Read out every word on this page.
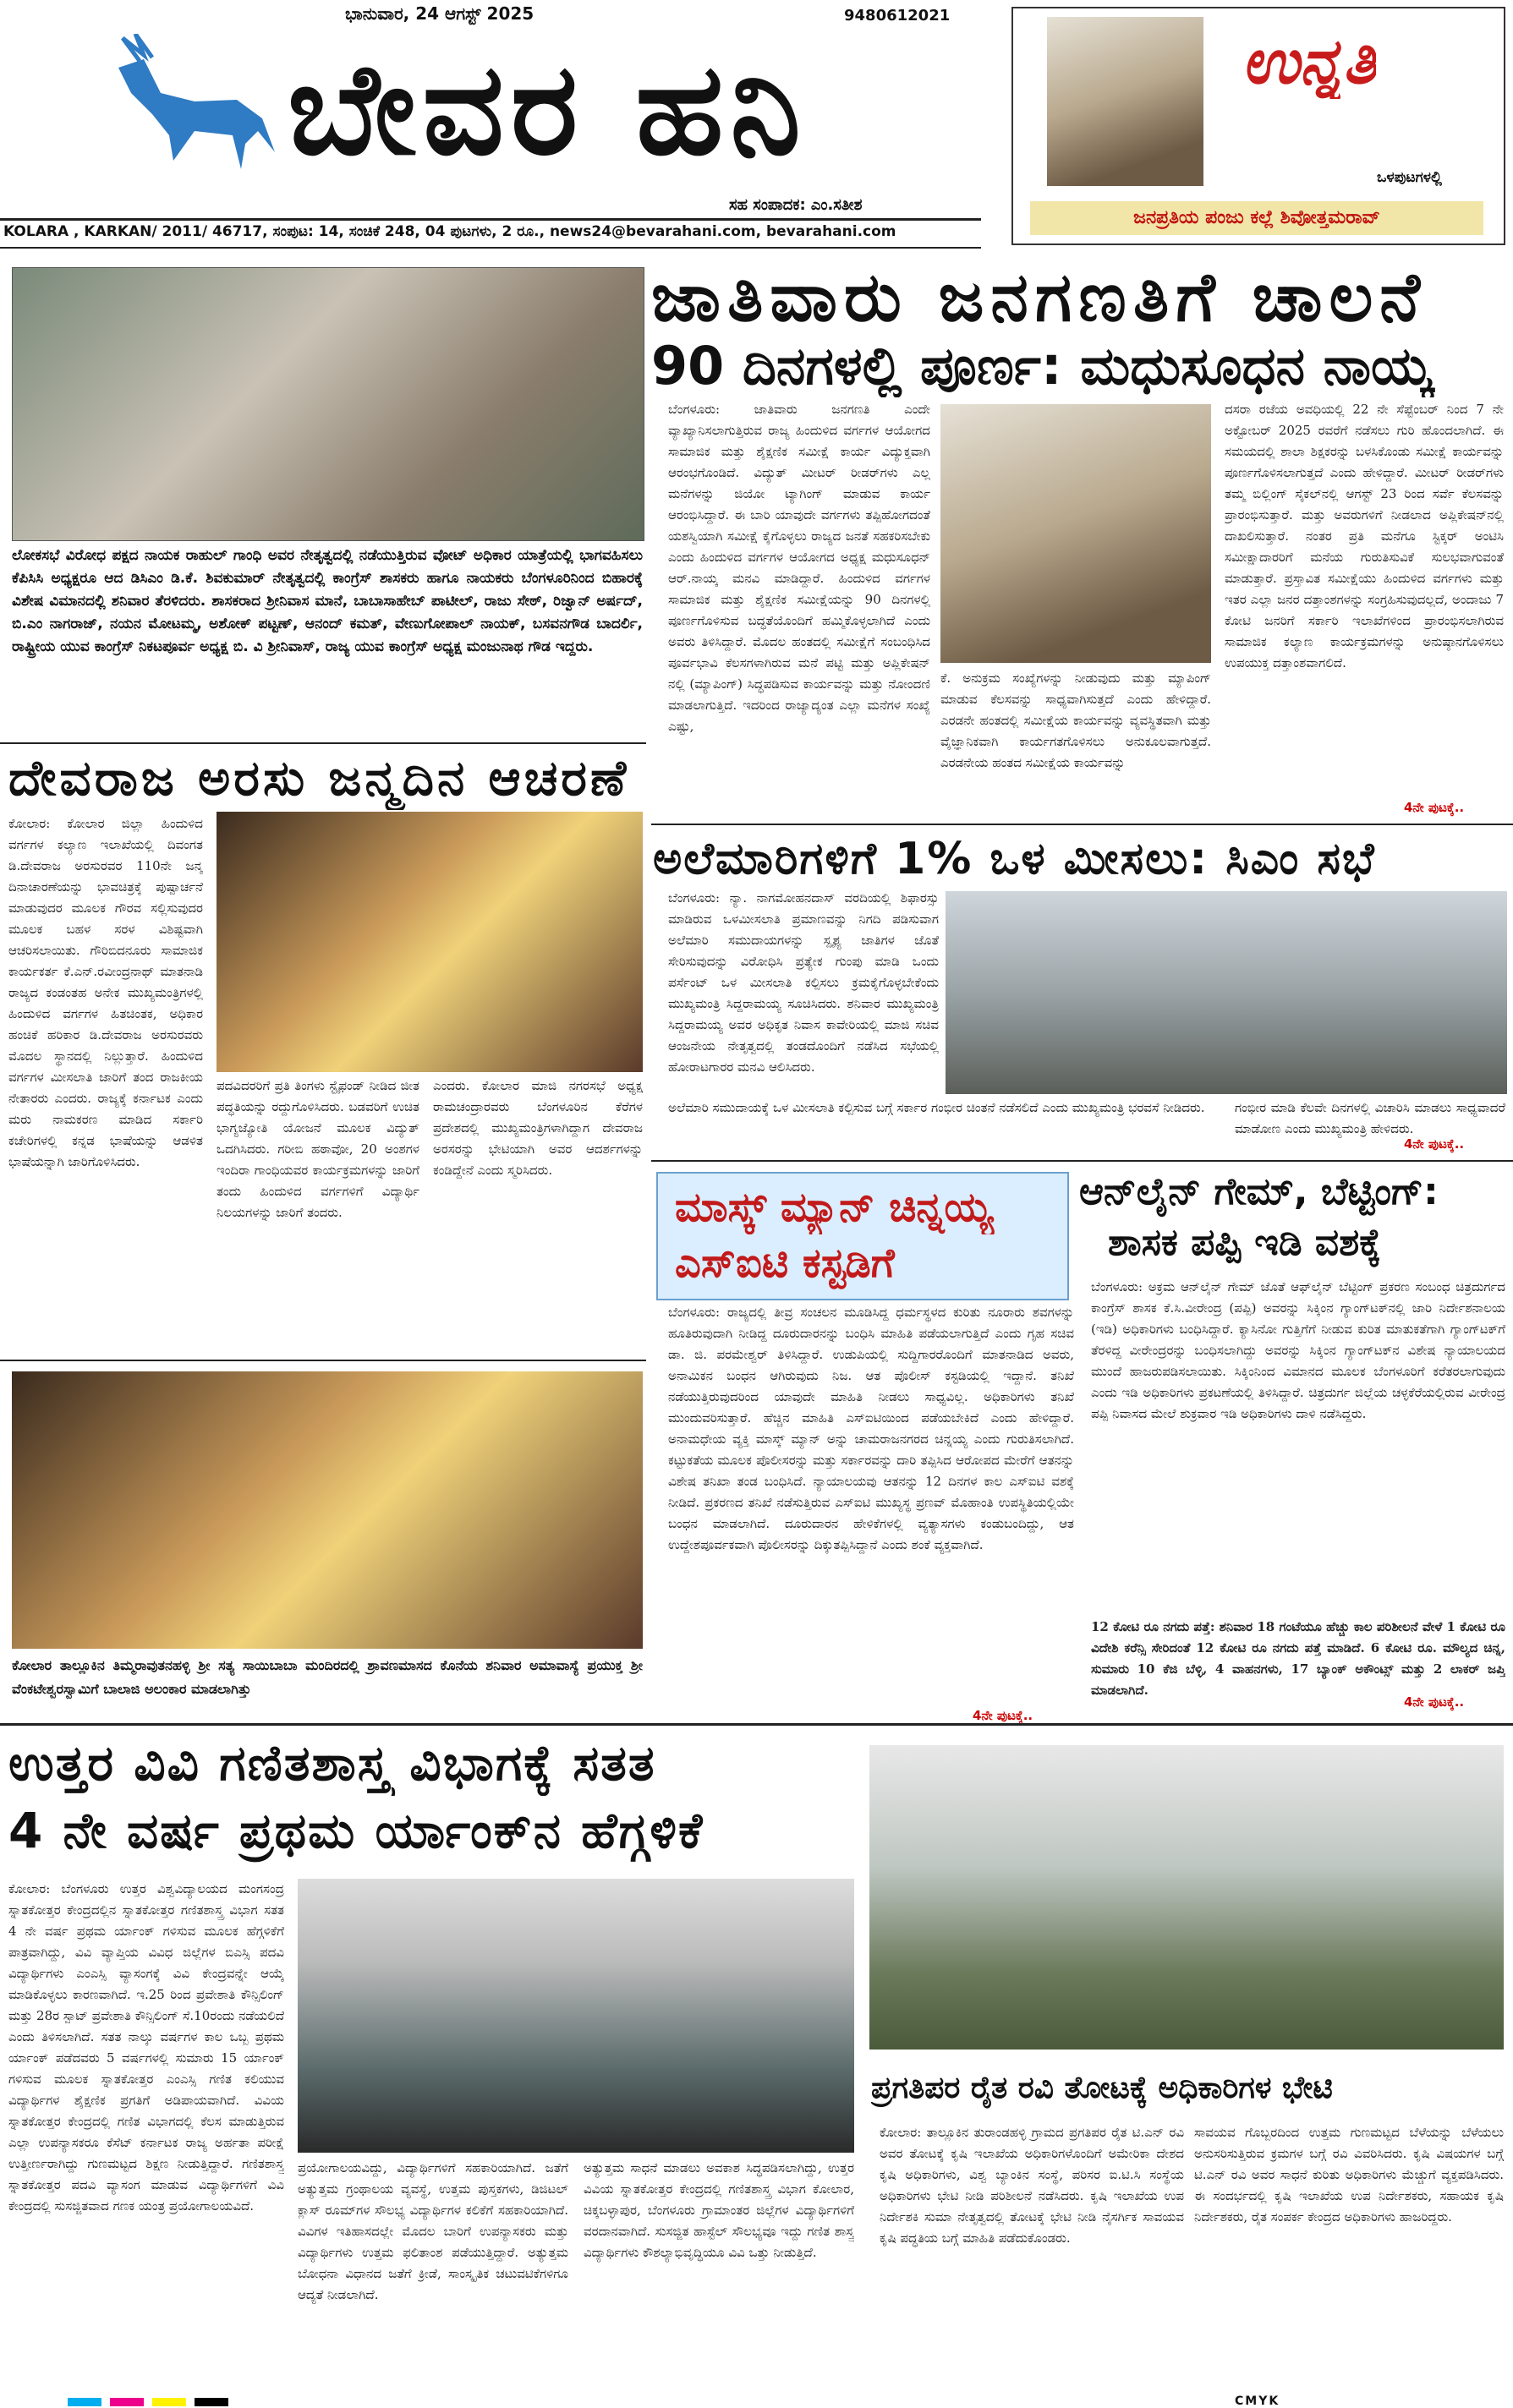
ಭಾನುವಾರ, 24 ಆಗಸ್ಟ್ 2025	9480612021
ಬೇವರ ಹನಿ
ಸಹ ಸಂಪಾದಕ: ಎಂ.ಸತೀಶ
KOLARA , KARKAN/ 2011/ 46717, ಸಂಪುಟ: 14, ಸಂಚಿಕೆ 248, 04 ಪುಟಗಳು, 2 ರೂ., news24@bevarahani.com, bevarahani.com
ಉನ್ನತಿ
ಒಳಪುಟಗಳಲ್ಲಿ
ಜನಪ್ರತಿಯ ಪಂಜು ಕಲ್ಲೆ ಶಿವೋತ್ತಮರಾವ್
ಲೋಕಸಭೆ ವಿರೋಧ ಪಕ್ಷದ ನಾಯಕ ರಾಹುಲ್ ಗಾಂಧಿ ಅವರ ನೇತೃತ್ವದಲ್ಲಿ ನಡೆಯುತ್ತಿರುವ ವೋಟ್ ಅಧಿಕಾರ ಯಾತ್ರೆಯಲ್ಲಿ ಭಾಗವಹಿಸಲು ಕೆಪಿಸಿಸಿ ಅಧ್ಯಕ್ಷರೂ ಆದ ಡಿಸಿಎಂ ಡಿ.ಕೆ. ಶಿವಕುಮಾರ್ ನೇತೃತ್ವದಲ್ಲಿ ಕಾಂಗ್ರೆಸ್ ಶಾಸಕರು ಹಾಗೂ ನಾಯಕರು ಬೆಂಗಳೂರಿನಿಂದ ಬಿಹಾರಕ್ಕೆ ವಿಶೇಷ ವಿಮಾನದಲ್ಲಿ ಶನಿವಾರ ತೆರಳಿದರು. ಶಾಸಕರಾದ ಶ್ರೀನಿವಾಸ ಮಾನೆ, ಬಾಬಾಸಾಹೇಬ್ ಪಾಟೀಲ್, ರಾಜು ಸೇಠ್, ರಿಜ್ವಾನ್ ಅರ್ಷದ್, ಬಿ.ಎಂ ನಾಗರಾಜ್, ನಯನ ಮೋಟಮ್ಮ, ಅಶೋಕ್ ಪಟ್ಟಣ್, ಆನಂದ್ ಕಮತ್, ವೇಣುಗೋಪಾಲ್ ನಾಯಕ್, ಬಸವನಗೌಡ ಬಾದರ್ಲಿ, ರಾಷ್ಟ್ರೀಯ ಯುವ ಕಾಂಗ್ರೆಸ್ ನಿಕಟಪೂರ್ವ ಅಧ್ಯಕ್ಷ ಬಿ. ವಿ ಶ್ರೀನಿವಾಸ್, ರಾಜ್ಯ ಯುವ ಕಾಂಗ್ರೆಸ್ ಅಧ್ಯಕ್ಷ ಮಂಜುನಾಥ ಗೌಡ ಇದ್ದರು.
ಜಾತಿವಾರು ಜನಗಣತಿಗೆ ಚಾಲನೆ
90 ದಿನಗಳಲ್ಲಿ ಪೂರ್ಣ: ಮಧುಸೂಧನ ನಾಯ್ಕ
ಬೆಂಗಳೂರು: ಜಾತಿವಾರು ಜನಗಣತಿ ಎಂದೇ ವ್ಯಾಖ್ಯಾನಿಸಲಾಗುತ್ತಿರುವ ರಾಜ್ಯ ಹಿಂದುಳಿದ ವರ್ಗಗಳ ಆಯೋಗದ ಸಾಮಾಜಿಕ ಮತ್ತು ಶೈಕ್ಷಣಿಕ ಸಮೀಕ್ಷೆ ಕಾರ್ಯ ವಿದ್ಯುಕ್ತವಾಗಿ ಆರಂಭಗೊಂಡಿದೆ. ವಿದ್ಯುತ್ ಮೀಟರ್ ರೀಡರ್‌ಗಳು ಎಲ್ಲ ಮನೆಗಳನ್ನು ಜಿಯೋ ಟ್ಯಾಗಿಂಗ್ ಮಾಡುವ ಕಾರ್ಯ ಆರಂಭಿಸಿದ್ದಾರೆ. ಈ ಬಾರಿ ಯಾವುದೇ ವರ್ಗಗಳು ತಪ್ಪಿಹೋಗದಂತೆ ಯಶಸ್ವಿಯಾಗಿ ಸಮೀಕ್ಷೆ ಕೈಗೊಳ್ಳಲು ರಾಜ್ಯದ ಜನತೆ ಸಹಕರಿಸಬೇಕು ಎಂದು ಹಿಂದುಳಿದ ವರ್ಗಗಳ ಆಯೋಗದ ಅಧ್ಯಕ್ಷ ಮಧುಸೂಧನ್ ಆರ್.ನಾಯ್ಕ ಮನವಿ ಮಾಡಿದ್ದಾರೆ. ಹಿಂದುಳಿದ ವರ್ಗಗಳ ಸಾಮಾಜಿಕ ಮತ್ತು ಶೈಕ್ಷಣಿಕ ಸಮೀಕ್ಷೆಯನ್ನು 90 ದಿನಗಳಲ್ಲಿ ಪೂರ್ಣಗೊಳಿಸುವ ಬದ್ಧತೆಯೊಂದಿಗೆ ಹಮ್ಮಿಕೊಳ್ಳಲಾಗಿದೆ ಎಂದು ಅವರು ತಿಳಿಸಿದ್ದಾರೆ. ಮೊದಲ ಹಂತದಲ್ಲಿ ಸಮೀಕ್ಷೆಗೆ ಸಂಬಂಧಿಸಿದ ಪೂರ್ವಭಾವಿ ಕೆಲಸಗಳಾಗಿರುವ ಮನೆ ಪಟ್ಟಿ ಮತ್ತು ಅಪ್ಲಿಕೇಷನ್ ನಲ್ಲಿ (ಮ್ಯಾಪಿಂಗ್) ಸಿದ್ಧಪಡಿಸುವ ಕಾರ್ಯವನ್ನು ಮತ್ತು ನೋಂದಣಿ ಮಾಡಲಾಗುತ್ತಿದೆ. ಇದರಿಂದ ರಾಜ್ಯಾದ್ಯಂತ ಎಲ್ಲಾ ಮನೆಗಳ ಸಂಖ್ಯೆ ಎಷ್ಟು,
ಕೆ. ಅನುಕ್ರಮ ಸಂಖ್ಯೆಗಳನ್ನು ನೀಡುವುದು ಮತ್ತು ಮ್ಯಾಪಿಂಗ್ ಮಾಡುವ ಕೆಲಸವನ್ನು ಸಾಧ್ಯವಾಗಿಸುತ್ತದೆ ಎಂದು ಹೇಳಿದ್ದಾರೆ. ಎರಡನೇ ಹಂತದಲ್ಲಿ ಸಮೀಕ್ಷೆಯ ಕಾರ್ಯವನ್ನು ವ್ಯವಸ್ಥಿತವಾಗಿ ಮತ್ತು ವೈಜ್ಞಾನಿಕವಾಗಿ ಕಾರ್ಯಗತಗೊಳಿಸಲು ಅನುಕೂಲವಾಗುತ್ತದೆ. ಎರಡನೇಯ ಹಂತದ ಸಮೀಕ್ಷೆಯ ಕಾರ್ಯವನ್ನು
ದಸರಾ ರಜೆಯ ಅವಧಿಯಲ್ಲಿ 22 ನೇ ಸೆಪ್ಟೆಂಬರ್ ನಿಂದ 7 ನೇ ಅಕ್ಟೋಬರ್ 2025 ರವರೆಗೆ ನಡೆಸಲು ಗುರಿ ಹೊಂದಲಾಗಿದೆ. ಈ ಸಮಯದಲ್ಲಿ ಶಾಲಾ ಶಿಕ್ಷಕರನ್ನು ಬಳಸಿಕೊಂಡು ಸಮೀಕ್ಷೆ ಕಾರ್ಯವನ್ನು ಪೂರ್ಣಗೊಳಿಸಲಾಗುತ್ತದೆ ಎಂದು ಹೇಳಿದ್ದಾರೆ. ಮೀಟರ್ ರೀಡರ್‌ಗಳು ತಮ್ಮ ಬಿಲ್ಲಿಂಗ್ ಸೈಕಲ್‌ನಲ್ಲಿ ಆಗಸ್ಟ್ 23 ರಿಂದ ಸರ್ವೆ ಕೆಲಸವನ್ನು ಪ್ರಾರಂಭಿಸುತ್ತಾರೆ. ಮತ್ತು ಅವರುಗಳಿಗೆ ನೀಡಲಾದ ಅಪ್ಲಿಕೇಷನ್‌ನಲ್ಲಿ ದಾಖಲಿಸುತ್ತಾರೆ. ನಂತರ ಪ್ರತಿ ಮನೆಗೂ ಸ್ಟಿಕ್ಕರ್ ಅಂಟಿಸಿ ಸಮೀಕ್ಷಾದಾರರಿಗೆ ಮನೆಯ ಗುರುತಿಸುವಿಕೆ ಸುಲಭವಾಗುವಂತೆ ಮಾಡುತ್ತಾರೆ. ಪ್ರಸ್ತಾವಿತ ಸಮೀಕ್ಷೆಯು ಹಿಂದುಳಿದ ವರ್ಗಗಳು ಮತ್ತು ಇತರ ಎಲ್ಲಾ ಜನರ ದತ್ತಾಂಶಗಳನ್ನು ಸಂಗ್ರಹಿಸುವುದಲ್ಲದೆ, ಅಂದಾಜು 7 ಕೋಟಿ ಜನರಿಗೆ ಸರ್ಕಾರಿ ಇಲಾಖೆಗಳಿಂದ ಪ್ರಾರಂಭಿಸಲಾಗಿರುವ ಸಾಮಾಜಿಕ ಕಲ್ಯಾಣ ಕಾರ್ಯಕ್ರಮಗಳನ್ನು ಅನುಷ್ಠಾನಗೊಳಿಸಲು ಉಪಯುಕ್ತ ದತ್ತಾಂಶವಾಗಲಿದೆ.
4ನೇ ಪುಟಕ್ಕೆ..
ದೇವರಾಜ ಅರಸು ಜನ್ಮದಿನ ಆಚರಣೆ
ಕೋಲಾರ: ಕೋಲಾರ ಜಿಲ್ಲಾ ಹಿಂದುಳಿದ ವರ್ಗಗಳ ಕಲ್ಯಾಣ ಇಲಾಖೆಯಲ್ಲಿ ದಿವಂಗತ ಡಿ.ದೇವರಾಜ ಅರಸುರವರ 110ನೇ ಜನ್ಮ ದಿನಾಚಾರಣೆಯನ್ನು ಭಾವಚಿತ್ರಕ್ಕೆ ಪುಷ್ಪಾರ್ಚನೆ ಮಾಡುವುದರ ಮೂಲಕ ಗೌರವ ಸಲ್ಲಿಸುವುದರ ಮೂಲಕ ಬಹಳ ಸರಳ ವಿಶಿಷ್ಟವಾಗಿ ಆಚರಿಸಲಾಯಿತು. ಗೌರಿಬಿದನೂರು ಸಾಮಾಜಿಕ ಕಾರ್ಯಕರ್ತ ಕೆ.ಎನ್.ರವೀಂದ್ರನಾಥ್ ಮಾತನಾಡಿ ರಾಜ್ಯದ ಕಂಡಂತಹ ಅನೇಕ ಮುಖ್ಯಮಂತ್ರಿಗಳಲ್ಲಿ ಹಿಂದುಳಿದ ವರ್ಗಗಳ ಹಿತಚಿಂತಕ, ಅಧಿಕಾರ ಹಂಚಿಕೆ ಹರಿಕಾರ ಡಿ.ದೇವರಾಜ ಅರಸುರವರು ಮೊದಲ ಸ್ಥಾನದಲ್ಲಿ ನಿಲ್ಲುತ್ತಾರೆ. ಹಿಂದುಳಿದ ವರ್ಗಗಳ ಮೀಸಲಾತಿ ಜಾರಿಗೆ ತಂದ ರಾಜಕೀಯ ನೇತಾರರು ಎಂದರು. ರಾಜ್ಯಕ್ಕೆ ಕರ್ನಾಟಕ ಎಂದು ಮರು ನಾಮಕರಣ ಮಾಡಿದ ಸರ್ಕಾರಿ ಕಚೇರಿಗಳಲ್ಲಿ ಕನ್ನಡ ಭಾಷೆಯನ್ನು ಆಡಳಿತ ಭಾಷೆಯನ್ನಾಗಿ ಜಾರಿಗೊಳಿಸಿದರು.
ಪದವಿದರರಿಗೆ ಪ್ರತಿ ತಿಂಗಳು ಸ್ಟೈಫಂಡ್ ನೀಡಿದ ಜೀತ ಪದ್ಧತಿಯನ್ನು ರದ್ದುಗೊಳಿಸಿದರು. ಬಡವರಿಗೆ ಉಚಿತ ಭಾಗ್ಯಜ್ಯೋತಿ ಯೋಜನೆ ಮೂಲಕ ವಿದ್ಯುತ್ ಒದಗಿಸಿದರು. ಗರೀಬಿ ಹಠಾವೋ, 20 ಅಂಶಗಳ ಇಂದಿರಾ ಗಾಂಧಿಯವರ ಕಾರ್ಯಕ್ರಮಗಳನ್ನು ಜಾರಿಗೆ ತಂದು ಹಿಂದುಳಿದ ವರ್ಗಗಳಿಗೆ ವಿದ್ಯಾರ್ಥಿ ನಿಲಯಗಳನ್ನು ಜಾರಿಗೆ ತಂದರು.
ಎಂದರು. ಕೋಲಾರ ಮಾಜಿ ನಗರಸಭೆ ಅಧ್ಯಕ್ಷ ರಾಮಚಂದ್ರಾರವರು ಬೆಂಗಳೂರಿನ ಕೆರೆಗಳ ಪ್ರದೇಶದಲ್ಲಿ ಮುಖ್ಯಮಂತ್ರಿಗಳಾಗಿದ್ದಾಗ ದೇವರಾಜ ಅರಸರನ್ನು ಭೇಟಿಯಾಗಿ ಅವರ ಆದರ್ಶಗಳನ್ನು ಕಂಡಿದ್ದೇನೆ ಎಂದು ಸ್ಮರಿಸಿದರು.
ಅಲೆಮಾರಿಗಳಿಗೆ 1% ಒಳ ಮೀಸಲು: ಸಿಎಂ ಸಭೆ
ಬೆಂಗಳೂರು: ನ್ಯಾ. ನಾಗಮೋಹನದಾಸ್ ವರದಿಯಲ್ಲಿ ಶಿಫಾರಸ್ಸು ಮಾಡಿರುವ ಒಳಮೀಸಲಾತಿ ಪ್ರಮಾಣವನ್ನು ನಿಗದಿ ಪಡಿಸುವಾಗ ಅಲೆಮಾರಿ ಸಮುದಾಯಗಳನ್ನು ಸ್ಪೃಶ್ಯ ಜಾತಿಗಳ ಜೊತೆ ಸೇರಿಸುವುದನ್ನು ವಿರೋಧಿಸಿ ಪ್ರತ್ಯೇಕ ಗುಂಪು ಮಾಡಿ ಒಂದು ಪರ್ಸೆಂಟ್ ಒಳ ಮೀಸಲಾತಿ ಕಲ್ಪಿಸಲು ಕ್ರಮಕೈಗೊಳ್ಳಬೇಕೆಂದು ಮುಖ್ಯಮಂತ್ರಿ ಸಿದ್ದರಾಮಯ್ಯ ಸೂಚಿಸಿದರು. ಶನಿವಾರ ಮುಖ್ಯಮಂತ್ರಿ ಸಿದ್ದರಾಮಯ್ಯ ಅವರ ಅಧಿಕೃತ ನಿವಾಸ ಕಾವೇರಿಯಲ್ಲಿ ಮಾಜಿ ಸಚಿವ ಆಂಜನೇಯ ನೇತೃತ್ವದಲ್ಲಿ ತಂಡದೊಂದಿಗೆ ನಡೆಸಿದ ಸಭೆಯಲ್ಲಿ ಹೋರಾಟಗಾರರ ಮನವಿ ಆಲಿಸಿದರು.
ಅಲೆಮಾರಿ ಸಮುದಾಯಕ್ಕೆ ಒಳ ಮೀಸಲಾತಿ ಕಲ್ಪಿಸುವ ಬಗ್ಗೆ ಸರ್ಕಾರ ಗಂಭೀರ ಚಿಂತನೆ ನಡೆಸಲಿದೆ ಎಂದು ಮುಖ್ಯಮಂತ್ರಿ ಭರವಸೆ ನೀಡಿದರು.	ಗಂಭೀರ ಮಾಡಿ ಕೆಲವೇ ದಿನಗಳಲ್ಲಿ ವಿಚಾರಿಸಿ ಮಾಡಲು ಸಾಧ್ಯವಾದರೆ ಮಾಡೋಣ ಎಂದು ಮುಖ್ಯಮಂತ್ರಿ ಹೇಳಿದರು.
4ನೇ ಪುಟಕ್ಕೆ..
ಮಾಸ್ಕ್ ಮ್ಯಾನ್ ಚಿನ್ನಯ್ಯ
ಎಸ್ಐಟಿ ಕಸ್ಟಡಿಗೆ
ಬೆಂಗಳೂರು: ರಾಜ್ಯದಲ್ಲಿ ತೀವ್ರ ಸಂಚಲನ ಮೂಡಿಸಿದ್ದ ಧರ್ಮಸ್ಥಳದ ಕುರಿತು ನೂರಾರು ಶವಗಳನ್ನು ಹೂತಿರುವುದಾಗಿ ನೀಡಿದ್ದ ದೂರುದಾರನನ್ನು ಬಂಧಿಸಿ ಮಾಹಿತಿ ಪಡೆಯಲಾಗುತ್ತಿದೆ ಎಂದು ಗೃಹ ಸಚಿವ ಡಾ. ಜಿ. ಪರಮೇಶ್ವರ್ ತಿಳಿಸಿದ್ದಾರೆ. ಉಡುಪಿಯಲ್ಲಿ ಸುದ್ದಿಗಾರರೊಂದಿಗೆ ಮಾತನಾಡಿದ ಅವರು, ಅನಾಮಿಕನ ಬಂಧನ ಆಗಿರುವುದು ನಿಜ. ಆತ ಪೊಲೀಸ್ ಕಸ್ಟಡಿಯಲ್ಲಿ ಇದ್ದಾನೆ. ತನಿಖೆ ನಡೆಯುತ್ತಿರುವುದರಿಂದ ಯಾವುದೇ ಮಾಹಿತಿ ನೀಡಲು ಸಾಧ್ಯವಿಲ್ಲ. ಅಧಿಕಾರಿಗಳು ತನಿಖೆ ಮುಂದುವರಿಸುತ್ತಾರೆ. ಹೆಚ್ಚಿನ ಮಾಹಿತಿ ಎಸ್ಐಟಿಯಿಂದ ಪಡೆಯಬೇಕಿದೆ ಎಂದು ಹೇಳಿದ್ದಾರೆ. ಅನಾಮಧೇಯ ವ್ಯಕ್ತಿ ಮಾಸ್ಕ್ ಮ್ಯಾನ್ ಅನ್ನು ಚಾಮರಾಜನಗರದ ಚಿನ್ನಯ್ಯ ಎಂದು ಗುರುತಿಸಲಾಗಿದೆ. ಕಟ್ಟುಕತೆಯ ಮೂಲಕ ಪೊಲೀಸರನ್ನು ಮತ್ತು ಸರ್ಕಾರವನ್ನು ದಾರಿ ತಪ್ಪಿಸಿದ ಆರೋಪದ ಮೇರೆಗೆ ಆತನನ್ನು ವಿಶೇಷ ತನಿಖಾ ತಂಡ ಬಂಧಿಸಿದೆ. ನ್ಯಾಯಾಲಯವು ಆತನನ್ನು 12 ದಿನಗಳ ಕಾಲ ಎಸ್ಐಟಿ ವಶಕ್ಕೆ ನೀಡಿದೆ. ಪ್ರಕರಣದ ತನಿಖೆ ನಡೆಸುತ್ತಿರುವ ಎಸ್ಐಟಿ ಮುಖ್ಯಸ್ಥ ಪ್ರಣವ್ ಮೊಹಾಂತಿ ಉಪಸ್ಥಿತಿಯಲ್ಲಿಯೇ ಬಂಧನ ಮಾಡಲಾಗಿದೆ. ದೂರುದಾರನ ಹೇಳಿಕೆಗಳಲ್ಲಿ ವ್ಯತ್ಯಾಸಗಳು ಕಂಡುಬಂದಿದ್ದು, ಆತ ಉದ್ದೇಶಪೂರ್ವಕವಾಗಿ ಪೊಲೀಸರನ್ನು ದಿಕ್ಕುತಪ್ಪಿಸಿದ್ದಾನೆ ಎಂದು ಶಂಕೆ ವ್ಯಕ್ತವಾಗಿದೆ.
4ನೇ ಪುಟಕ್ಕೆ..
ಆನ್‌ಲೈನ್ ಗೇಮ್, ಬೆಟ್ಟಿಂಗ್:
ಶಾಸಕ ಪಪ್ಪಿ ಇಡಿ ವಶಕ್ಕೆ
ಬೆಂಗಳೂರು: ಅಕ್ರಮ ಆನ್‌ಲೈನ್ ಗೇಮ್ ಜೊತೆ ಆಫ್‌ಲೈನ್ ಬೆಟ್ಟಿಂಗ್ ಪ್ರಕರಣ ಸಂಬಂಧ ಚಿತ್ರದುರ್ಗದ ಕಾಂಗ್ರೆಸ್ ಶಾಸಕ ಕೆ.ಸಿ.ವೀರೇಂದ್ರ (ಪಪ್ಪಿ) ಅವರನ್ನು ಸಿಕ್ಕಿಂನ ಗ್ಯಾಂಗ್‌ಟಕ್‌ನಲ್ಲಿ ಜಾರಿ ನಿರ್ದೇಶನಾಲಯ (ಇಡಿ) ಅಧಿಕಾರಿಗಳು ಬಂಧಿಸಿದ್ದಾರೆ. ಕ್ಯಾಸಿನೋ ಗುತ್ತಿಗೆಗೆ ನೀಡುವ ಕುರಿತ ಮಾತುಕತೆಗಾಗಿ ಗ್ಯಾಂಗ್‌ಟಕ್‌ಗೆ ತೆರಳಿದ್ದ ವೀರೇಂದ್ರರನ್ನು ಬಂಧಿಸಲಾಗಿದ್ದು ಅವರನ್ನು ಸಿಕ್ಕಿಂನ ಗ್ಯಾಂಗ್‌ಟಕ್‌ನ ವಿಶೇಷ ನ್ಯಾಯಾಲಯದ ಮುಂದೆ ಹಾಜರುಪಡಿಸಲಾಯಿತು. ಸಿಕ್ಕಿಂನಿಂದ ವಿಮಾನದ ಮೂಲಕ ಬೆಂಗಳೂರಿಗೆ ಕರೆತರಲಾಗುವುದು ಎಂದು ಇಡಿ ಅಧಿಕಾರಿಗಳು ಪ್ರಕಟಣೆಯಲ್ಲಿ ತಿಳಿಸಿದ್ದಾರೆ. ಚಿತ್ರದುರ್ಗ ಜಿಲ್ಲೆಯ ಚಳ್ಳಕೆರೆಯಲ್ಲಿರುವ ವೀರೇಂದ್ರ ಪಪ್ಪಿ ನಿವಾಸದ ಮೇಲೆ ಶುಕ್ರವಾರ ಇಡಿ ಅಧಿಕಾರಿಗಳು ದಾಳಿ ನಡೆಸಿದ್ದರು.
12 ಕೋಟಿ ರೂ ನಗದು ಪತ್ತೆ: ಶನಿವಾರ 18 ಗಂಟೆಯೂ ಹೆಚ್ಚು ಕಾಲ ಪರಿಶೀಲನೆ ವೇಳೆ 1 ಕೋಟಿ ರೂ ವಿದೇಶಿ ಕರೆನ್ಸಿ ಸೇರಿದಂತೆ 12 ಕೋಟಿ ರೂ ನಗದು ಪತ್ತೆ ಮಾಡಿದೆ. 6 ಕೋಟಿ ರೂ. ಮೌಲ್ಯದ ಚಿನ್ನ, ಸುಮಾರು 10 ಕೆಜಿ ಬೆಳ್ಳಿ, 4 ವಾಹನಗಳು, 17 ಬ್ಯಾಂಕ್ ಅಕೌಂಟ್ಸ್ ಮತ್ತು 2 ಲಾಕರ್ ಜಪ್ತಿ ಮಾಡಲಾಗಿದೆ.
4ನೇ ಪುಟಕ್ಕೆ..
ಕೋಲಾರ ತಾಲ್ಲೂಕಿನ ತಿಮ್ಮರಾವುತನಹಳ್ಳಿ ಶ್ರೀ ಸತ್ಯ ಸಾಯಿಬಾಬಾ ಮಂದಿರದಲ್ಲಿ ಶ್ರಾವಣಮಾಸದ ಕೊನೆಯ ಶನಿವಾರ ಅಮಾವಾಸ್ಯೆ ಪ್ರಯುಕ್ತ ಶ್ರೀ ವೆಂಕಟೇಶ್ವರಸ್ವಾಮಿಗೆ ಬಾಲಾಜಿ ಅಲಂಕಾರ ಮಾಡಲಾಗಿತ್ತು
ಉತ್ತರ ವಿವಿ ಗಣಿತಶಾಸ್ತ್ರ ವಿಭಾಗಕ್ಕೆ ಸತತ
4 ನೇ ವರ್ಷ ಪ್ರಥಮ ರ್ಯಾಂಕ್‌ನ ಹೆಗ್ಗಳಿಕೆ
ಕೋಲಾರ: ಬೆಂಗಳೂರು ಉತ್ತರ ವಿಶ್ವವಿದ್ಯಾಲಯದ ಮಂಗಸಂದ್ರ ಸ್ನಾತಕೋತ್ತರ ಕೇಂದ್ರದಲ್ಲಿನ ಸ್ನಾತಕೋತ್ತರ ಗಣಿತಶಾಸ್ತ್ರ ವಿಭಾಗ ಸತತ 4 ನೇ ವರ್ಷ ಪ್ರಥಮ ರ್ಯಾಂಕ್ ಗಳಿಸುವ ಮೂಲಕ ಹೆಗ್ಗಳಿಕೆಗೆ ಪಾತ್ರವಾಗಿದ್ದು, ವಿವಿ ವ್ಯಾಪ್ತಿಯ ವಿವಿಧ ಜಿಲ್ಲೆಗಳ ಬಿಎಸ್ಸಿ ಪದವಿ ವಿದ್ಯಾರ್ಥಿಗಳು ಎಂಎಸ್ಸಿ ವ್ಯಾಸಂಗಕ್ಕೆ ವಿವಿ ಕೇಂದ್ರವನ್ನೇ ಆಯ್ಕೆ ಮಾಡಿಕೊಳ್ಳಲು ಕಾರಣವಾಗಿದೆ. ಇ.25 ರಿಂದ ಪ್ರವೇಶಾತಿ ಕೌನ್ಸಿಲಿಂಗ್ ಮತ್ತು 28ರ ಸ್ಪಾಟ್ ಪ್ರವೇಶಾತಿ ಕೌನ್ಸಿಲಿಂಗ್ ಸೆ.10ರಂದು ನಡೆಯಲಿದೆ ಎಂದು ತಿಳಿಸಲಾಗಿದೆ. ಸತತ ನಾಲ್ಕು ವರ್ಷಗಳ ಕಾಲ ಒಬ್ಬ ಪ್ರಥಮ ರ್ಯಾಂಕ್ ಪಡೆದವರು 5 ವರ್ಷಗಳಲ್ಲಿ ಸುಮಾರು 15 ರ್ಯಾಂಕ್ ಗಳಿಸುವ ಮೂಲಕ ಸ್ನಾತಕೋತ್ತರ ಎಂಎಸ್ಸಿ ಗಣಿತ ಕಲಿಯುವ ವಿದ್ಯಾರ್ಥಿಗಳ ಶೈಕ್ಷಣಿಕ ಪ್ರಗತಿಗೆ ಅಡಿಪಾಯವಾಗಿದೆ. ವಿವಿಯ ಸ್ನಾತಕೋತ್ತರ ಕೇಂದ್ರದಲ್ಲಿ ಗಣಿತ ವಿಭಾಗದಲ್ಲಿ ಕೆಲಸ ಮಾಡುತ್ತಿರುವ ಎಲ್ಲಾ ಉಪನ್ಯಾಸಕರೂ ಕೆಸೆಟ್ ಕರ್ನಾಟಕ ರಾಜ್ಯ ಅರ್ಹತಾ ಪರೀಕ್ಷೆ ಉತ್ತೀರ್ಣರಾಗಿದ್ದು ಗುಣಮಟ್ಟದ ಶಿಕ್ಷಣ ನೀಡುತ್ತಿದ್ದಾರೆ. ಗಣಿತಶಾಸ್ತ್ರ ಸ್ನಾತಕೋತ್ತರ ಪದವಿ ವ್ಯಾಸಂಗ ಮಾಡುವ ವಿದ್ಯಾರ್ಥಿಗಳಿಗೆ ವಿವಿ ಕೇಂದ್ರದಲ್ಲಿ ಸುಸಜ್ಜಿತವಾದ ಗಣಕ ಯಂತ್ರ ಪ್ರಯೋಗಾಲಯವಿದೆ.
ಪ್ರಯೋಗಾಲಯವಿದ್ದು, ವಿದ್ಯಾರ್ಥಿಗಳಿಗೆ ಸಹಕಾರಿಯಾಗಿದೆ. ಜತೆಗೆ ಅತ್ಯುತ್ತಮ ಗ್ರಂಥಾಲಯ ವ್ಯವಸ್ಥೆ, ಉತ್ತಮ ಪುಸ್ತಕಗಳು, ಡಿಜಿಟಲ್ ಕ್ಲಾಸ್ ರೂಮ್‌ಗಳ ಸೌಲಭ್ಯ ವಿದ್ಯಾರ್ಥಿಗಳ ಕಲಿಕೆಗೆ ಸಹಕಾರಿಯಾಗಿದೆ. ವಿವಿಗಳ ಇತಿಹಾಸದಲ್ಲೇ ಮೊದಲ ಬಾರಿಗೆ ಉಪನ್ಯಾಸಕರು ಮತ್ತು ವಿದ್ಯಾರ್ಥಿಗಳು ಉತ್ತಮ ಫಲಿತಾಂಶ ಪಡೆಯುತ್ತಿದ್ದಾರೆ. ಅತ್ಯುತ್ತಮ ಬೋಧನಾ ವಿಧಾನದ ಜತೆಗೆ ಕ್ರೀಡೆ, ಸಾಂಸ್ಕೃತಿಕ ಚಟುವಟಿಕೆಗಳಿಗೂ ಆದ್ಯತೆ ನೀಡಲಾಗಿದೆ.
ಅತ್ಯುತ್ತಮ ಸಾಧನೆ ಮಾಡಲು ಅವಕಾಶ ಸಿದ್ಧಪಡಿಸಲಾಗಿದ್ದು, ಉತ್ತರ ವಿವಿಯ ಸ್ನಾತಕೋತ್ತರ ಕೇಂದ್ರದಲ್ಲಿ ಗಣಿತಶಾಸ್ತ್ರ ವಿಭಾಗ ಕೋಲಾರ, ಚಿಕ್ಕಬಳ್ಳಾಪುರ, ಬೆಂಗಳೂರು ಗ್ರಾಮಾಂತರ ಜಿಲ್ಲೆಗಳ ವಿದ್ಯಾರ್ಥಿಗಳಿಗೆ ವರದಾನವಾಗಿದೆ. ಸುಸಜ್ಜಿತ ಹಾಸ್ಟೆಲ್ ಸೌಲಭ್ಯವೂ ಇದ್ದು ಗಣಿತ ಶಾಸ್ತ್ರ ವಿದ್ಯಾರ್ಥಿಗಳು ಕೌಶಲ್ಯಾಭಿವೃದ್ಧಿಯೂ ವಿವಿ ಒತ್ತು ನೀಡುತ್ತಿದೆ.
ಪ್ರಗತಿಪರ ರೈತ ರವಿ ತೋಟಕ್ಕೆ ಅಧಿಕಾರಿಗಳ ಭೇಟಿ
ಕೋಲಾರ: ತಾಲ್ಲೂಕಿನ ತುರಾಂಡಹಳ್ಳಿ ಗ್ರಾಮದ ಪ್ರಗತಿಪರ ರೈತ ಟಿ.ಎನ್ ರವಿ ಅವರ ತೋಟಕ್ಕೆ ಕೃಷಿ ಇಲಾಖೆಯ ಅಧಿಕಾರಿಗಳೊಂದಿಗೆ ಅಮೇರಿಕಾ ದೇಶದ ಕೃಷಿ ಅಧಿಕಾರಿಗಳು, ವಿಶ್ವ ಬ್ಯಾಂಕಿನ ಸಂಸ್ಥೆ, ಪರಿಸರ ಐ.ಟಿ.ಸಿ ಸಂಸ್ಥೆಯ ಅಧಿಕಾರಿಗಳು ಭೇಟಿ ನೀಡಿ ಪರಿಶೀಲನೆ ನಡೆಸಿದರು. ಕೃಷಿ ಇಲಾಖೆಯ ಉಪ ನಿರ್ದೇಶಕಿ ಸುಮಾ ನೇತೃತ್ವದಲ್ಲಿ ತೋಟಕ್ಕೆ ಭೇಟಿ ನೀಡಿ ನೈಸರ್ಗಿಕ ಸಾವಯವ ಕೃಷಿ ಪದ್ಧತಿಯ ಬಗ್ಗೆ ಮಾಹಿತಿ ಪಡೆದುಕೊಂಡರು.
ಸಾವಯವ ಗೊಬ್ಬರದಿಂದ ಉತ್ತಮ ಗುಣಮಟ್ಟದ ಬೆಳೆಯನ್ನು ಬೆಳೆಯಲು ಅನುಸರಿಸುತ್ತಿರುವ ಕ್ರಮಗಳ ಬಗ್ಗೆ ರವಿ ವಿವರಿಸಿದರು. ಕೃಷಿ ವಿಷಯಗಳ ಬಗ್ಗೆ ಟಿ.ಎನ್ ರವಿ ಅವರ ಸಾಧನೆ ಕುರಿತು ಅಧಿಕಾರಿಗಳು ಮೆಚ್ಚುಗೆ ವ್ಯಕ್ತಪಡಿಸಿದರು. ಈ ಸಂದರ್ಭದಲ್ಲಿ ಕೃಷಿ ಇಲಾಖೆಯ ಉಪ ನಿರ್ದೇಶಕರು, ಸಹಾಯಕ ಕೃಷಿ ನಿರ್ದೇಶಕರು, ರೈತ ಸಂಪರ್ಕ ಕೇಂದ್ರದ ಅಧಿಕಾರಿಗಳು ಹಾಜರಿದ್ದರು.
CMYK
